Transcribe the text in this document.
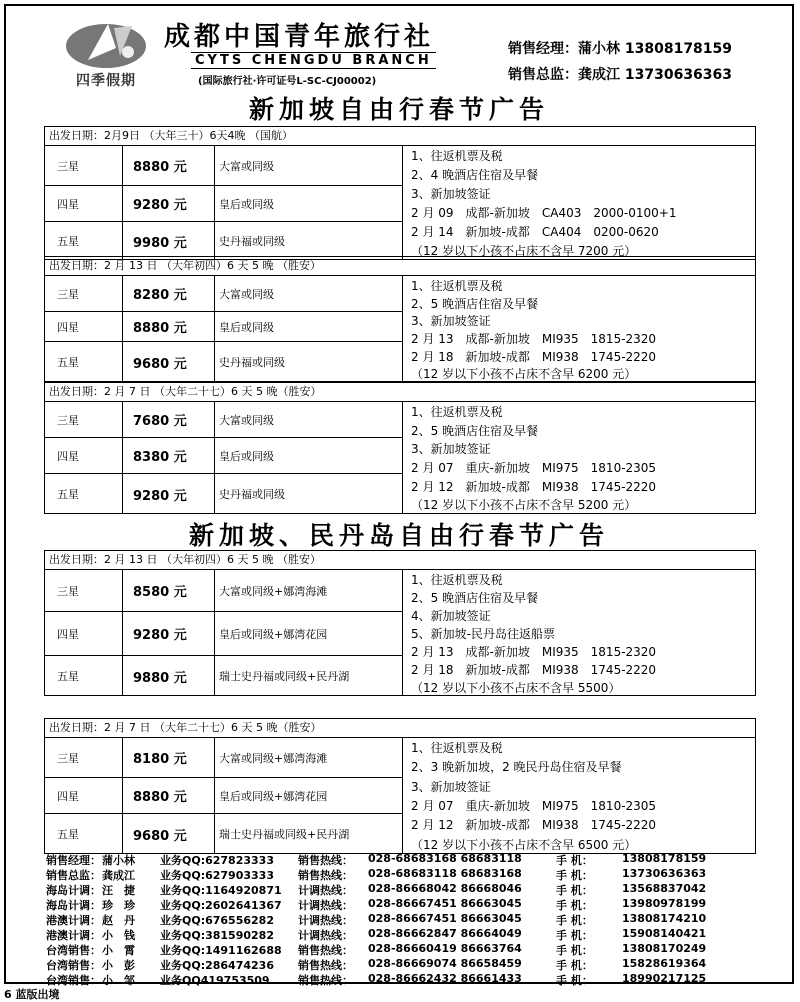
四季假期
成都中国青年旅行社
CYTS CHENGDU BRANCH
(国际旅行社·许可证号L-SC-CJ00002)
销售经理：蒲小林 13808178159
销售总监：龚成江 13730636363
新加坡自由行春节广告
出发日期：2月9日 （大年三十）6天4晚 （国航）
三星	8880 元	大富或同级
四星	9280 元	皇后或同级
五星	9980 元	史丹福或同级
1、往返机票及税
2、4 晚酒店住宿及早餐
3、新加坡签证
2 月 09　成都-新加坡　CA403　2000-0100+1
2 月 14　新加坡-成都　CA404　0200-0620
（12 岁以下小孩不占床不含早 7200 元）
出发日期：2 月 13 日 （大年初四）6 天 5 晚 （胜安）
三星	8280 元	大富或同级
四星	8880 元	皇后或同级
五星	9680 元	史丹福或同级
1、往返机票及税
2、5 晚酒店住宿及早餐
3、新加坡签证
2 月 13　成都-新加坡　MI935　1815-2320
2 月 18　新加坡-成都　MI938　1745-2220
（12 岁以下小孩不占床不含早 6200 元）
出发日期：2 月 7 日 （大年二十七）6 天 5 晚（胜安）
三星	7680 元	大富或同级
四星	8380 元	皇后或同级
五星	9280 元	史丹福或同级
1、往返机票及税
2、5 晚酒店住宿及早餐
3、新加坡签证
2 月 07　重庆-新加坡　MI975　1810-2305
2 月 12　新加坡-成都　MI938　1745-2220
（12 岁以下小孩不占床不含早 5200 元）
出发日期：2 月 13 日 （大年初四）6 天 5 晚 （胜安）
三星	8580 元	大富或同级+娜湾海滩
四星	9280 元	皇后或同级+娜湾花园
五星	9880 元	瑞士史丹福或同级+民丹湖
1、往返机票及税
2、5 晚酒店住宿及早餐
4、新加坡签证
5、新加坡-民丹岛往返船票
2 月 13　成都-新加坡　MI935　1815-2320
2 月 18　新加坡-成都　MI938　1745-2220
（12 岁以下小孩不占床不含早 5500）
出发日期：2 月 7 日 （大年二十七）6 天 5 晚（胜安）
三星	8180 元	大富或同级+娜湾海滩
四星	8880 元	皇后或同级+娜湾花园
五星	9680 元	瑞士史丹福或同级+民丹湖
1、往返机票及税
2、3 晚新加坡，2 晚民丹岛住宿及早餐
3、新加坡签证
2 月 07　重庆-新加坡　MI975　1810-2305
2 月 12　新加坡-成都　MI938　1745-2220
（12 岁以下小孩不占床不含早 6500 元）
新加坡、民丹岛自由行春节广告
销售经理： 蒲小林 业务QQ:627823333 销售热线： 028-68683168 68683118	手 机：	13808178159
销售总监： 龚成江 业务QQ:627903333 销售热线： 028-68683118 68683168	手 机：	13730636363
海岛计调： 汪　捷 业务QQ:1164920871 计调热线： 028-86668042 86668046	手 机：	13568837042
海岛计调： 珍　珍 业务QQ:2602641367 计调热线： 028-86667451 86663045	手 机：	13980978199
港澳计调： 赵　丹 业务QQ:676556282 计调热线： 028-86667451 86663045	手 机：	13808174210
港澳计调： 小　钱 业务QQ:381590282 计调热线： 028-86662847 86664049	手 机：	15908140421
台湾销售： 小　霄 业务QQ:1491162688 销售热线： 028-86660419 86663764	手 机：	13808170249
台湾销售： 小　彭 业务QQ:286474236 销售热线： 028-86669074 86658459	手 机：	15828619364
台湾销售： 小　邹 业务QQ419753509	销售热线： 028-86662432 86661433	手 机：	18990217125
6 蓝版出境
